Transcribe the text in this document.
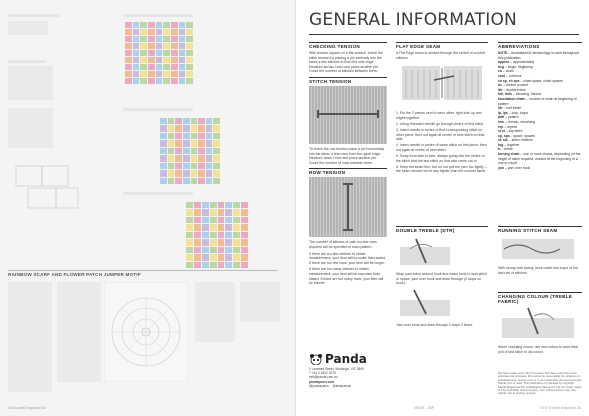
RAINBOW SCARF AND FLOWER PATCH JUMPER MOTIF
16 Crochet Emporium 16
GENERAL INFORMATION
CHECKING TENSION
With tension square on a flat surface, check the stitch tension by placing a pin vertically into the fabric a few stitches in from the side edge. Measure across 10cm and place another pin. Count the number of stitches between them.
STITCH TENSION
To check the row tension place a pin horizontally into the fabric a few rows from the upper edge. Measure down 10cm and place another pin. Count the number of rows between them.
ROW TENSION
The number of stitches or patt rep and rows required will be specified in each pattern.
If there are too few stitches to obtain measurement, your item will be wider than stated. If there are too few rows, your item will be longer.
If there are too many stitches to obtain measurement, your item will be narrower than stated. If there are too many rows, your item will be shorter.
Panda
1 Lacewell Street, Wodonga, VIC 3690
T +61 2 6402 4076
info@panda.com.au
pandayarns.com
@pandayarns @laceparson
FLAT EDGE SEAM
A Flat Edge seam is worked through the centre of crochet stitches.
1. Put the 2 pieces next to each other, right side up and edges together.
2. Using threaded needle go through centre of first stitch.
3. Insert needle in centre of first corresponding stitch on other piece, then out again at centre of next stitch on that side.
4. Insert needle in centre of same stitch on first piece, then out again at centre of next stitch.
5. Swap from side to side, always going into the centre of the stitch that the last stitch on that side came out of.
6. Keep the seam firm, but do not pull the yarn too tightly – the seam should not be any tighter than the crochet fabric.
ABBREVIATIONS
NOTE – Australian/UK terminology is used throughout this publication.
approx – approximately
beg – begin, beginning
ch – chain
cont – continue
ch sp, ch sps – chain space, chain spaces
dc – double crochet
dtr – double treble
foll, folls – following, follows
foundation chain – number of chain at beginning of pattern
htr – half treble
lp, lps – loop, loops
patt – pattern
rem – remain, remaining
rep – repeat
sl st – slip stitch
sp, sps – space, spaces
st, sts – stitch, stitches
tog – together
tr – treble
turning chain – one or more chains, depending on the height of stitch required, worked at the beginning of a row or round
yoh – yarn over hook
DOUBLE TREBLE (DTR)
Wrap yarn twice around hook and insert hook in next stitch or space, yarn over hook and draw through (4 loops on hook).
Yarn over hook and draw through 2 loops 3 times.
RUNNING STITCH SEAM
With wrong side facing, work under two loops of the last row of stitches.
CHANGING COLOUR (TREBLE FABRIC)
When changing colour, use new colour to work final yoh of last stitch in old colour.
We have made every effort to ensure that these instructions are accurate and complete. We cannot be responsible for variations in individual work, human error or if your other than the recommended Panda yarn is used. This publication is protected by copyright. Panda Magazines Pty Ltd/Margaret Reeve Pty Ltd are Trade marks of The Australian Yarn Company. Yarn colours shown may vary slightly due to printing process.
ISSUE – 08P	DTS Crochet Emporium 16
